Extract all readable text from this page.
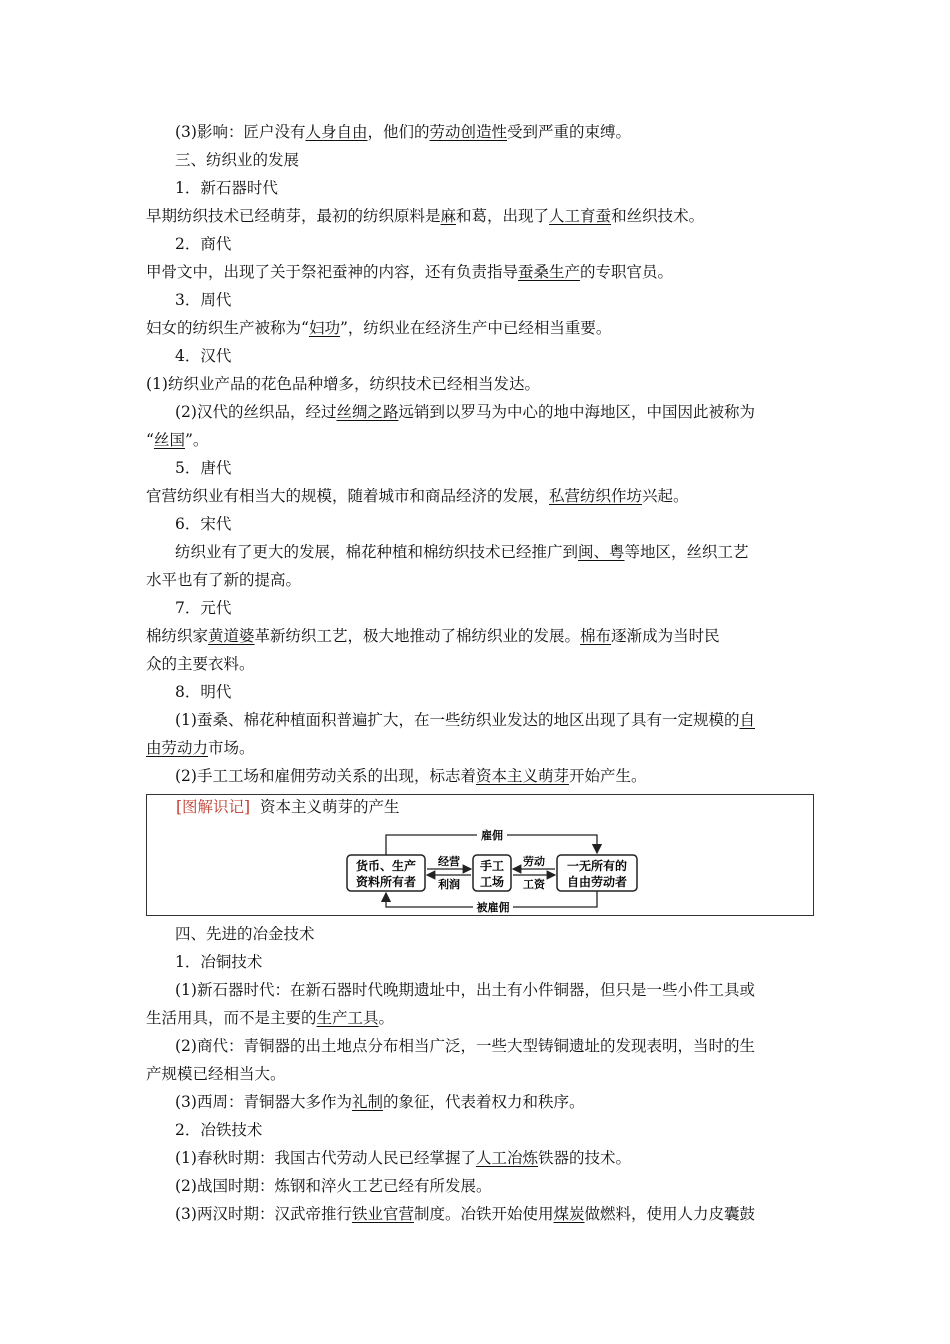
(3)影响：匠户没有人身自由，他们的劳动创造性受到严重的束缚。
三、纺织业的发展
1．新石器时代
早期纺织技术已经萌芽，最初的纺织原料是麻和葛，出现了人工育蚕和丝织技术。
2．商代
甲骨文中，出现了关于祭祀蚕神的内容，还有负责指导蚕桑生产的专职官员。
3．周代
妇女的纺织生产被称为“妇功”，纺织业在经济生产中已经相当重要。
4．汉代
(1)纺织业产品的花色品种增多，纺织技术已经相当发达。
(2)汉代的丝织品，经过丝绸之路远销到以罗马为中心的地中海地区，中国因此被称为
“丝国”。
5．唐代
官营纺织业有相当大的规模，随着城市和商品经济的发展，私营纺织作坊兴起。
6．宋代
纺织业有了更大的发展，棉花种植和棉纺织技术已经推广到闽、粤等地区，丝织工艺
水平也有了新的提高。
7．元代
棉纺织家黄道婆革新纺织工艺，极大地推动了棉纺织业的发展。棉布逐渐成为当时民
众的主要衣料。
8．明代
(1)蚕桑、棉花种植面积普遍扩大，在一些纺织业发达的地区出现了具有一定规模的自
由劳动力市场。
(2)手工工场和雇佣劳动关系的出现，标志着资本主义萌芽开始产生。
[图解识记] 资本主义萌芽的产生
货币、生产
资料所有者
手工
工场
一无所有的
自由劳动者
雇佣
被雇佣
经营
利润
劳动
工资
四、先进的冶金技术
1．冶铜技术
(1)新石器时代：在新石器时代晚期遗址中，出土有小件铜器，但只是一些小件工具或
生活用具，而不是主要的生产工具。
(2)商代：青铜器的出土地点分布相当广泛，一些大型铸铜遗址的发现表明，当时的生
产规模已经相当大。
(3)西周：青铜器大多作为礼制的象征，代表着权力和秩序。
2．冶铁技术
(1)春秋时期：我国古代劳动人民已经掌握了人工冶炼铁器的技术。
(2)战国时期：炼钢和淬火工艺已经有所发展。
(3)两汉时期：汉武帝推行铁业官营制度。冶铁开始使用煤炭做燃料，使用人力皮囊鼓
